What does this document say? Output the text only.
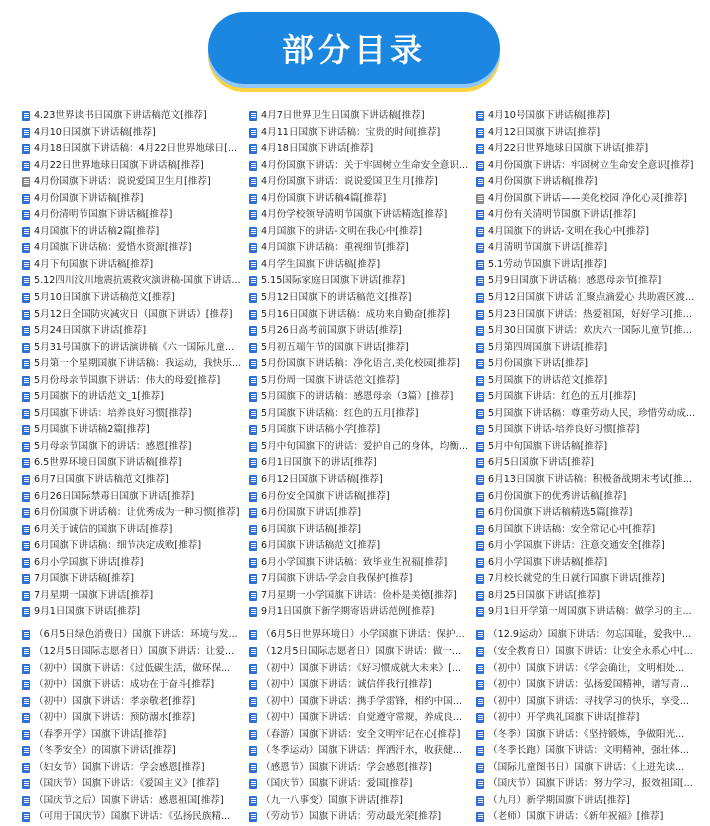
部分目录
4.23世界读书日国旗下讲话稿范文[推荐]
4月10日国旗下讲话稿[推荐]
4月18日国旗下讲话稿：4月22日世界地球日[...
4月22日世界地球日国旗下讲话稿[推荐]
4月份国旗下讲话：说说爱国卫生月[推荐]
4月份国旗下讲话稿[推荐]
4月份清明节国旗下讲话稿[推荐]
4月国旗下的讲话稿2篇[推荐]
4月国旗下讲话稿：爱惜水资源[推荐]
4月下旬国旗下讲话稿[推荐]
5.12四川汶川地震抗震救灾演讲稿-国旗下讲话...
5月10日国旗下讲话稿范文[推荐]
5月12日全国防灾减灾日（国旗下讲话）[推荐]
5月24日国旗下讲话[推荐]
5月31号国旗下的讲话演讲稿《六一国际儿童...
5月第一个星期国旗下讲话稿：我运动，我快乐...
5月份母亲节国旗下讲话：伟大的母爱[推荐]
5月国旗下的讲话范文_1[推荐]
5月国旗下讲话：培养良好习惯[推荐]
5月国旗下讲话稿2篇[推荐]
5月母亲节国旗下的讲话：感恩[推荐]
6.5世界环境日国旗下讲话稿[推荐]
6月7日国旗下讲话稿范文[推荐]
6月26日国际禁毒日国旗下讲话[推荐]
6月份国旗下讲话稿：让优秀成为一种习惯[推荐]
6月关于诚信的国旗下讲话[推荐]
6月国旗下讲话稿：细节决定成败[推荐]
6月小学国旗下讲话[推荐]
7月国旗下讲话稿[推荐]
7月星期一国旗下讲话[推荐]
9月1日国旗下讲话[推荐]
（6月5日绿色消费日）国旗下讲话：环境与发...
（12月5日国际志愿者日）国旗下讲话：让爱...
（初中）国旗下讲话：《过低碳生活，做环保...
（初中）国旗下讲话：成功在于奋斗[推荐]
（初中）国旗下讲话：孝亲敬老[推荐]
（初中）国旗下讲话：预防溺水[推荐]
（春季开学）国旗下讲话[推荐]
（冬季安全）的国旗下讲话[推荐]
（妇女节）国旗下讲话：学会感恩[推荐]
（国庆节）国旗下讲话：《爱国主义》[推荐]
（国庆节之后）国旗下讲话：感恩祖国[推荐]
（可用于国庆节）国旗下讲话：《弘扬民族精...
4月7日世界卫生日国旗下讲话稿[推荐]
4月11日国旗下讲话稿：宝贵的时间[推荐]
4月18日国旗下讲话[推荐]
4月份国旗下讲话：关于牢固树立生命安全意识...
4月份国旗下讲话：说说爱国卫生月[推荐]
4月份国旗下讲话稿4篇[推荐]
4月份学校领导清明节国旗下讲话精选[推荐]
4月国旗下的讲话-文明在我心中[推荐]
4月国旗下讲话稿：重视细节[推荐]
4月学生国旗下讲话稿[推荐]
5.15国际家庭日国旗下讲话[推荐]
5月12日国旗下的讲话稿范文[推荐]
5月16日国旗下讲话稿：成功来自勤奋[推荐]
5月26日高考前国旗下讲话[推荐]
5月初五端午节的国旗下讲话[推荐]
5月份国旗下讲话稿：净化语言,美化校园[推荐]
5月份周一国旗下讲话范文[推荐]
5月国旗下的讲话稿：感恩母亲（3篇）[推荐]
5月国旗下讲话稿：红色的五月[推荐]
5月国旗下讲话稿小学[推荐]
5月中旬国旗下的讲话：爱护自己的身体，均衡...
6月1日国旗下的讲话[推荐]
6月12日国旗下讲话稿[推荐]
6月份安全国旗下讲话稿[推荐]
6月份国旗下讲话[推荐]
6月国旗下讲话稿[推荐]
6月国旗下讲话稿范文[推荐]
6月小学国旗下讲话稿：致毕业生祝福[推荐]
7月国旗下讲话-学会自我保护[推荐]
7月星期一小学国旗下讲话：俭朴是美德[推荐]
9月1日国旗下新学期寄语讲话范例[推荐]
（6月5日世界环境日）小学国旗下讲话：保护...
（12月5日国际志愿者日）国旗下讲话：做一...
（初中）国旗下讲话：《好习惯成就大未来》[...
（初中）国旗下讲话：诚信伴我行[推荐]
（初中）国旗下讲话：携手学雷锋，相约中国...
（初中）国旗下讲话：自觉遵守常规，养成良...
（春游）国旗下讲话：安全文明牢记在心[推荐]
（冬季运动）国旗下讲话：挥洒汗水，收获健...
（感恩节）国旗下讲话：学会感恩[推荐]
（国庆节）国旗下讲话：爱国[推荐]
（九一八事变）国旗下讲话[推荐]
（劳动节）国旗下讲话：劳动最光荣[推荐]
4月10号国旗下讲话稿[推荐]
4月12日国旗下讲话[推荐]
4月22日世界地球日国旗下讲话[推荐]
4月份国旗下讲话：牢固树立生命安全意识[推荐]
4月份国旗下讲话稿[推荐]
4月份国旗下讲话——美化校园 净化心灵[推荐]
4月份有关清明节国旗下讲话[推荐]
4月国旗下的讲话-文明在我心中[推荐]
4月清明节国旗下讲话[推荐]
5.1劳动节国旗下讲话[推荐]
5月9日国旗下讲话稿：感恩母亲节[推荐]
5月12日国旗下讲话 汇聚点滴爱心 共助震区渡...
5月23日国旗下讲话：热爱祖国，好好学习[推...
5月30日国旗下讲话：欢庆六一国际儿童节[推...
5月第四周国旗下讲话[推荐]
5月份国旗下讲话[推荐]
5月国旗下的讲话范文[推荐]
5月国旗下讲话：红色的五月[推荐]
5月国旗下讲话稿：尊重劳动人民，珍惜劳动成...
5月国旗下讲话-培养良好习惯[推荐]
5月中旬国旗下讲话稿[推荐]
6月5日国旗下讲话[推荐]
6月13日国旗下讲话稿：积极备战期末考试[推...
6月份国旗下的优秀讲话稿[推荐]
6月份国旗下讲话稿精选5篇[推荐]
6月国旗下讲话稿：安全常记心中[推荐]
6月小学国旗下讲话：注意交通安全[推荐]
6月小学国旗下讲话稿[推荐]
7月校长就党的生日就行国旗下讲话[推荐]
8月25日国旗下讲话[推荐]
9月1日开学第一周国旗下讲话稿：做学习的主...
（12.9运动）国旗下讲话：勿忘国耻，爱我中...
（安全教育日）国旗下讲话：让安全永系心中[...
（初中）国旗下讲话：《学会确让，文明相处...
（初中）国旗下讲话：弘扬爱国精神，谱写青...
（初中）国旗下讲话：寻找学习的快乐，享受...
（初中）开学典礼国旗下讲话[推荐]
（冬季）国旗下讲话：《坚持锻炼，争做阳光...
（冬季长跑）国旗下讲话：文明精神，强壮体...
（国际儿童图书日）国旗下讲话：《上进先读...
（国庆节）国旗下讲话：努力学习，报效祖国[...
（九月）新学期国旗下讲话[推荐]
（老师）国旗下讲话：《新年祝福》[推荐]
